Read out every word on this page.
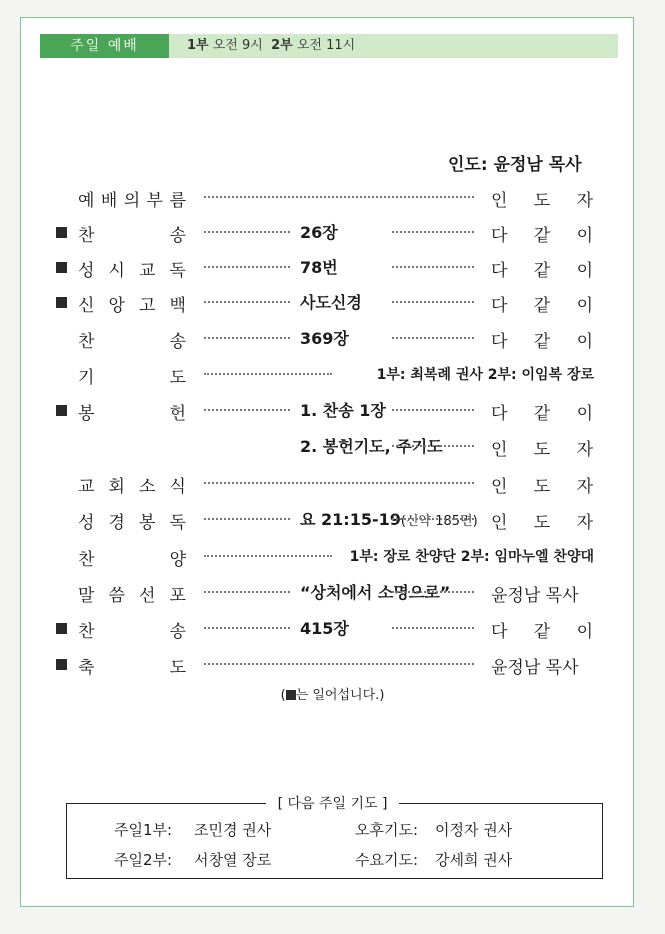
주일 예배	1부 오전 9시 2부 오전 11시
인도: 윤정남 목사
예 배 의 부 름	인 도 자
찬	송	26장	다 같 이
성 시 교 독	78번	다 같 이
신 앙 고 백	사도신경	다 같 이
찬	송	369장	다 같 이
기	도	1부: 최복례 권사 2부: 이임복 장로
봉	헌	1. 찬송 1장	다 같 이
2. 봉헌기도, 주기도	인 도 자
교 회 소 식	인 도 자
성 경 봉 독	요 21:15-19(신약 185면) 인 도 자
찬	양	1부: 장로 찬양단 2부: 임마누엘 찬양대
말 씀 선 포	“상처에서 소명으로” 윤정남 목사
찬	송	415장	다 같 이
축	도	윤정남 목사
( 는 일어섭니다.)
[ 다음 주일 기도 ]
주일1부: 조민경 권사	오후기도: 이정자 권사
주일2부: 서창열 장로	수요기도: 강세희 권사
